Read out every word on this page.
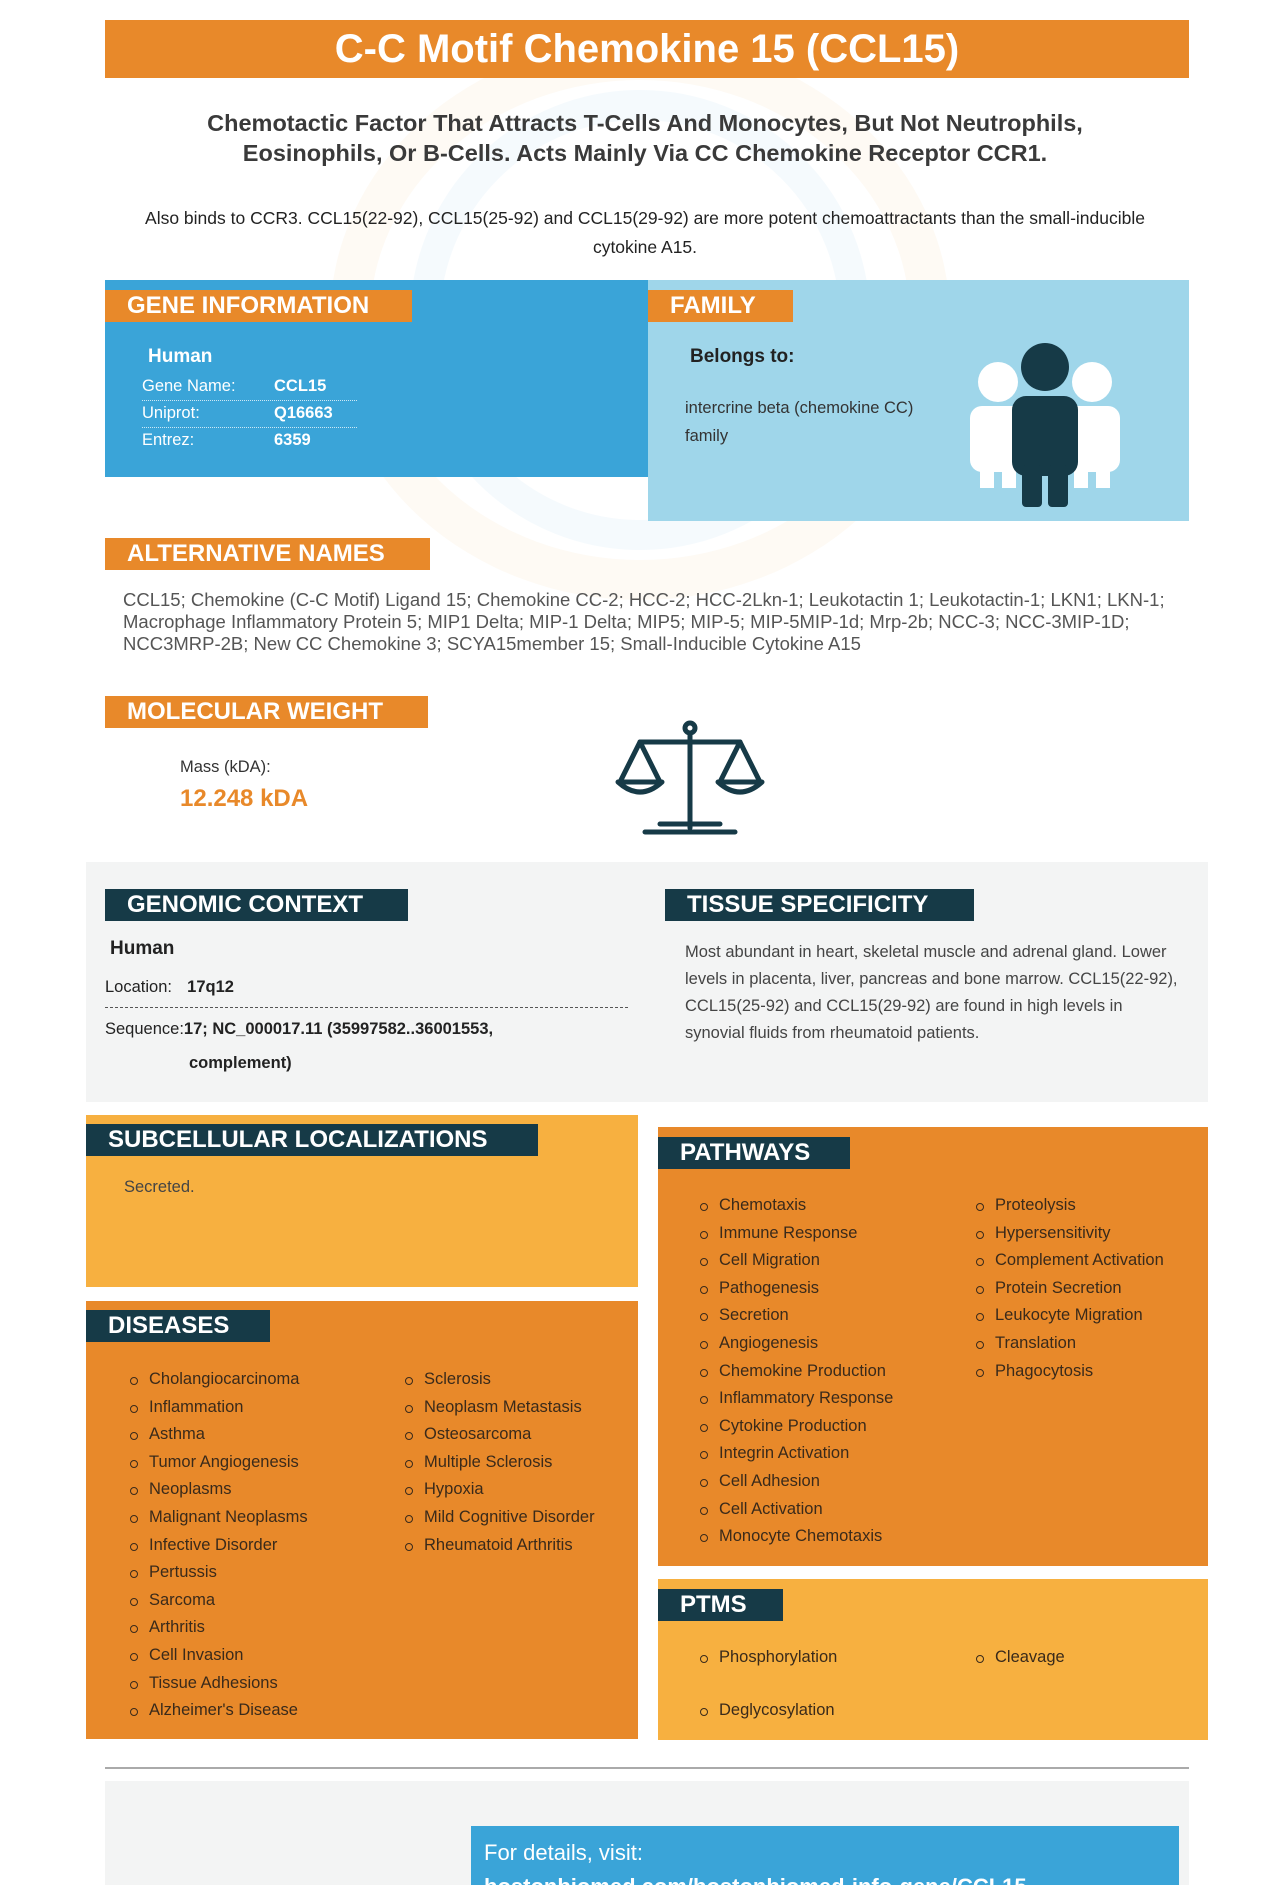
C-C Motif Chemokine 15 (CCL15)
Chemotactic Factor That Attracts T-Cells And Monocytes, But Not Neutrophils, Eosinophils, Or B-Cells. Acts Mainly Via CC Chemokine Receptor CCR1.
Also binds to CCR3. CCL15(22-92), CCL15(25-92) and CCL15(29-92) are more potent chemoattractants than the small-inducible cytokine A15.
GENE INFORMATION
Human
Gene Name: CCL15
Uniprot:	Q16663
Entrez:	6359
FAMILY
Belongs to:
intercrine beta (chemokine CC) family
ALTERNATIVE NAMES
CCL15; Chemokine (C-C Motif) Ligand 15; Chemokine CC-2; HCC-2; HCC-2Lkn-1; Leukotactin 1; Leukotactin-1; LKN1; LKN-1; Macrophage Inflammatory Protein 5; MIP1 Delta; MIP-1 Delta; MIP5; MIP-5; MIP-5MIP-1d; Mrp-2b; NCC-3; NCC-3MIP-1D; NCC3MRP-2B; New CC Chemokine 3; SCYA15member 15; Small-Inducible Cytokine A15
MOLECULAR WEIGHT
Mass (kDA):
12.248 kDA
GENOMIC CONTEXT
Human
Location: 17q12
Sequence:17; NC_000017.11 (35997582..36001553,
complement)
TISSUE SPECIFICITY
Most abundant in heart, skeletal muscle and adrenal gland. Lower levels in placenta, liver, pancreas and bone marrow. CCL15(22-92), CCL15(25-92) and CCL15(29-92) are found in high levels in synovial fluids from rheumatoid patients.
SUBCELLULAR LOCALIZATIONS
Secreted.
DISEASES
Cholangiocarcinoma
Inflammation
Asthma
Tumor Angiogenesis
Neoplasms
Malignant Neoplasms
Infective Disorder
Pertussis
Sarcoma
Arthritis
Cell Invasion
Tissue Adhesions
Alzheimer's Disease
Sclerosis
Neoplasm Metastasis
Osteosarcoma
Multiple Sclerosis
Hypoxia
Mild Cognitive Disorder
Rheumatoid Arthritis
PATHWAYS
Chemotaxis
Immune Response
Cell Migration
Pathogenesis
Secretion
Angiogenesis
Chemokine Production
Inflammatory Response
Cytokine Production
Integrin Activation
Cell Adhesion
Cell Activation
Monocyte Chemotaxis
Proteolysis
Hypersensitivity
Complement Activation
Protein Secretion
Leukocyte Migration
Translation
Phagocytosis
PTMS
Phosphorylation
Deglycosylation
Cleavage
For details, visit:
bostonbiomed.com/bostonbiomed-info-gene/CCL15
